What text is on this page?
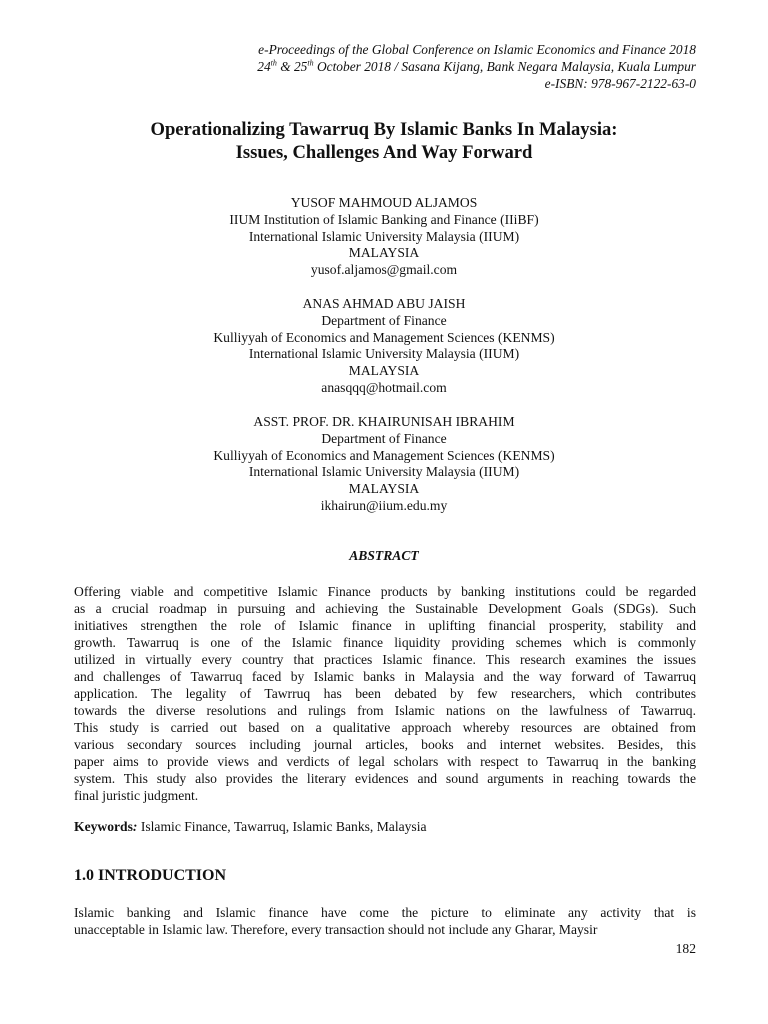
e-Proceedings of the Global Conference on Islamic Economics and Finance 2018
24th & 25th October 2018 / Sasana Kijang, Bank Negara Malaysia, Kuala Lumpur
e-ISBN: 978-967-2122-63-0
Operationalizing Tawarruq By Islamic Banks In Malaysia:
Issues, Challenges And Way Forward
YUSOF MAHMOUD ALJAMOS
IIUM Institution of Islamic Banking and Finance (IIiBF)
International Islamic University Malaysia (IIUM)
MALAYSIA
yusof.aljamos@gmail.com
ANAS AHMAD ABU JAISH
Department of Finance
Kulliyyah of Economics and Management Sciences (KENMS)
International Islamic University Malaysia (IIUM)
MALAYSIA
anasqqq@hotmail.com
ASST. PROF. DR. KHAIRUNISAH IBRAHIM
Department of Finance
Kulliyyah of Economics and Management Sciences (KENMS)
International Islamic University Malaysia (IIUM)
MALAYSIA
ikhairun@iium.edu.my
ABSTRACT

Offering viable and competitive Islamic Finance products by banking institutions could be regarded
as a crucial roadmap in pursuing and achieving the Sustainable Development Goals (SDGs). Such
initiatives strengthen the role of Islamic finance in uplifting financial prosperity, stability and
growth. Tawarruq is one of the Islamic finance liquidity providing schemes which is commonly
utilized in virtually every country that practices Islamic finance. This research examines the issues
and challenges of Tawarruq faced by Islamic banks in Malaysia and the way forward of Tawarruq
application. The legality of Tawrruq has been debated by few researchers, which contributes
towards the diverse resolutions and rulings from Islamic nations on the lawfulness of Tawarruq.
This study is carried out based on a qualitative approach whereby resources are obtained from
various secondary sources including journal articles, books and internet websites. Besides, this
paper aims to provide views and verdicts of legal scholars with respect to Tawarruq in the banking
system. This study also provides the literary evidences and sound arguments in reaching towards the
final juristic judgment.

Keywords: Islamic Finance, Tawarruq, Islamic Banks, Malaysia
1.0 INTRODUCTION
Islamic banking and Islamic finance have come the picture to eliminate any activity that is
unacceptable in Islamic law. Therefore, every transaction should not include any Gharar, Maysir
182
